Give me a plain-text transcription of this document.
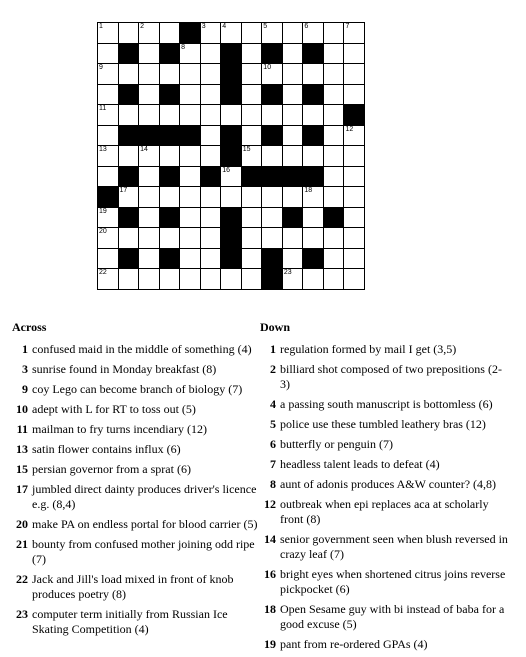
1	2	3 4	5	6	7
8
9	10
11
12
13	14	15
16
17	18
19
20	21
22	23
Across
1 confused maid in the middle of something (4)
3 sunrise found in Monday breakfast (8)
9 coy Lego can become branch of biology (7)
10 adept with L for RT to toss out (5)
11 mailman to fry turns incendiary (12)
13 satin flower contains influx (6)
15 persian governor from a sprat (6)
17 jumbled direct dainty produces driver's licence e.g. (8,4)
20 make PA on endless portal for blood carrier (5)
21 bounty from confused mother joining odd ripe (7)
22 Jack and Jill's load mixed in front of knob produces poetry (8)
23 computer term initially from Russian Ice Skating Competition (4)
Down
1 regulation formed by mail I get (3,5)
2 billiard shot composed of two prepositions (2-3)
4 a passing south manuscript is bottomless (6)
5 police use these tumbled leathery bras (12)
6 butterfly or penguin (7)
7 headless talent leads to defeat (4)
8 aunt of adonis produces A&W counter? (4,8)
12 outbreak when epi replaces aca at scholarly front (8)
14 senior government seen when blush reversed in crazy leaf (7)
16 bright eyes when shortened citrus joins reverse pickpocket (6)
18 Open Sesame guy with bi instead of baba for a good excuse (5)
19 pant from re-ordered GPAs (4)
